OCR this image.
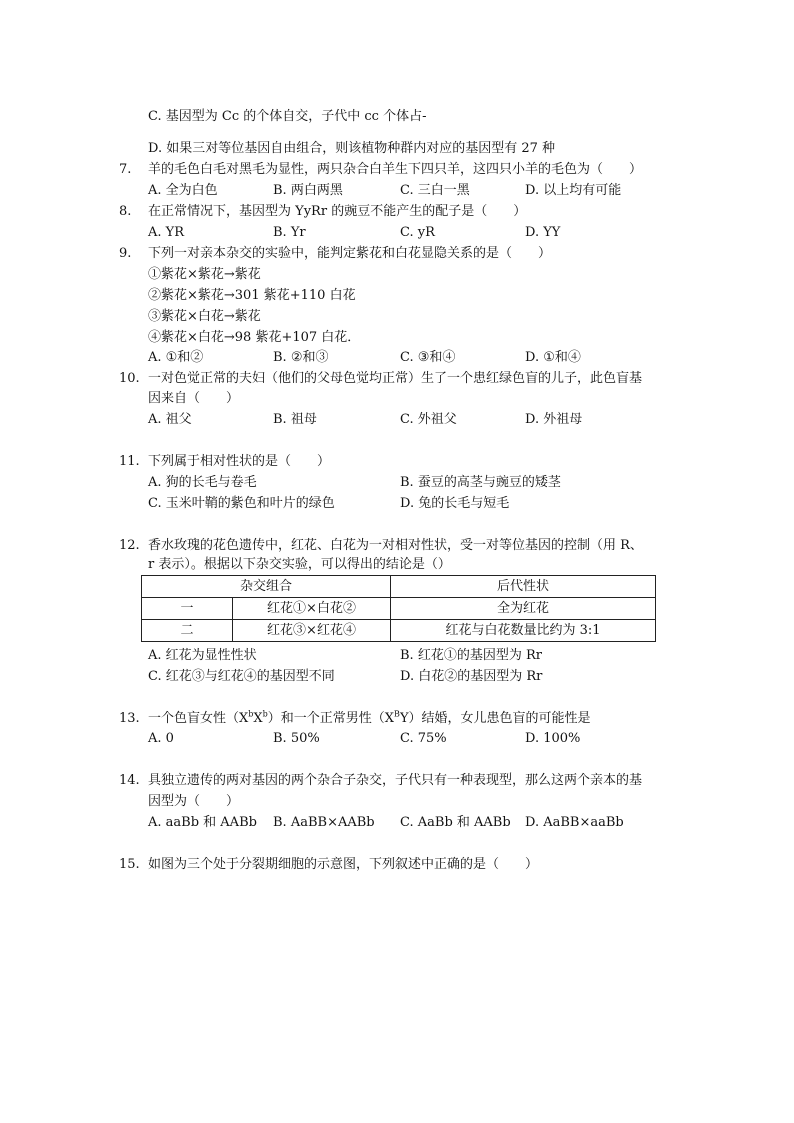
C. 基因型为 Cc 的个体自交，子代中 cc 个体占-
D. 如果三对等位基因自由组合，则该植物种群内对应的基因型有 27 种
7. 羊的毛色白毛对黑毛为显性，两只杂合白羊生下四只羊，这四只小羊的毛色为（　　）
A. 全为白色	B. 两白两黑	C. 三白一黑	D. 以上均有可能
8. 在正常情况下，基因型为 YyRr 的豌豆不能产生的配子是（　　）
A. YR	B. Yr	C. yR	D. YY
9. 下列一对亲本杂交的实验中，能判定紫花和白花显隐关系的是（　　）
①紫花×紫花→紫花
②紫花×紫花→301 紫花+110 白花
③紫花×白花→紫花
④紫花×白花→98 紫花+107 白花．
A. ①和②	B. ②和③	C. ③和④	D. ①和④
10. 一对色觉正常的夫妇（他们的父母色觉均正常）生了一个患红绿色盲的儿子，此色盲基
因来自（　　）
A. 祖父	B. 祖母	C. 外祖父	D. 外祖母
11. 下列属于相对性状的是（　　）
A. 狗的长毛与卷毛	B. 蚕豆的高茎与豌豆的矮茎
C. 玉米叶鞘的紫色和叶片的绿色	D. 兔的长毛与短毛
12. 香水玫瑰的花色遗传中，红花、白花为一对相对性状，受一对等位基因的控制（用 R、
r 表示）。根据以下杂交实验，可以得出的结论是（）
杂交组合		后代性状
一	红花①×白花②	全为红花
二	红花③×红花④	红花与白花数量比约为 3:1
A. 红花为显性性状	B. 红花①的基因型为 Rr
C. 红花③与红花④的基因型不同	D. 白花②的基因型为 Rr
13. 一个色盲女性$(X^bX^b)$和一个正常男性$(X^BY)$结婚，女儿患色盲的可能性是
A. 0	B. 50%	C. 75%	D. 100%
14. 具独立遗传的两对基因的两个杂合子杂交，子代只有一种表现型，那么这两个亲本的基
因型为（　　）
A. aaBb 和 AABb B. AaBB×AABb C. AaBb 和 AABb D. AaBB×aaBb
15. 如图为三个处于分裂期细胞的示意图，下列叙述中正确的是（　　）
